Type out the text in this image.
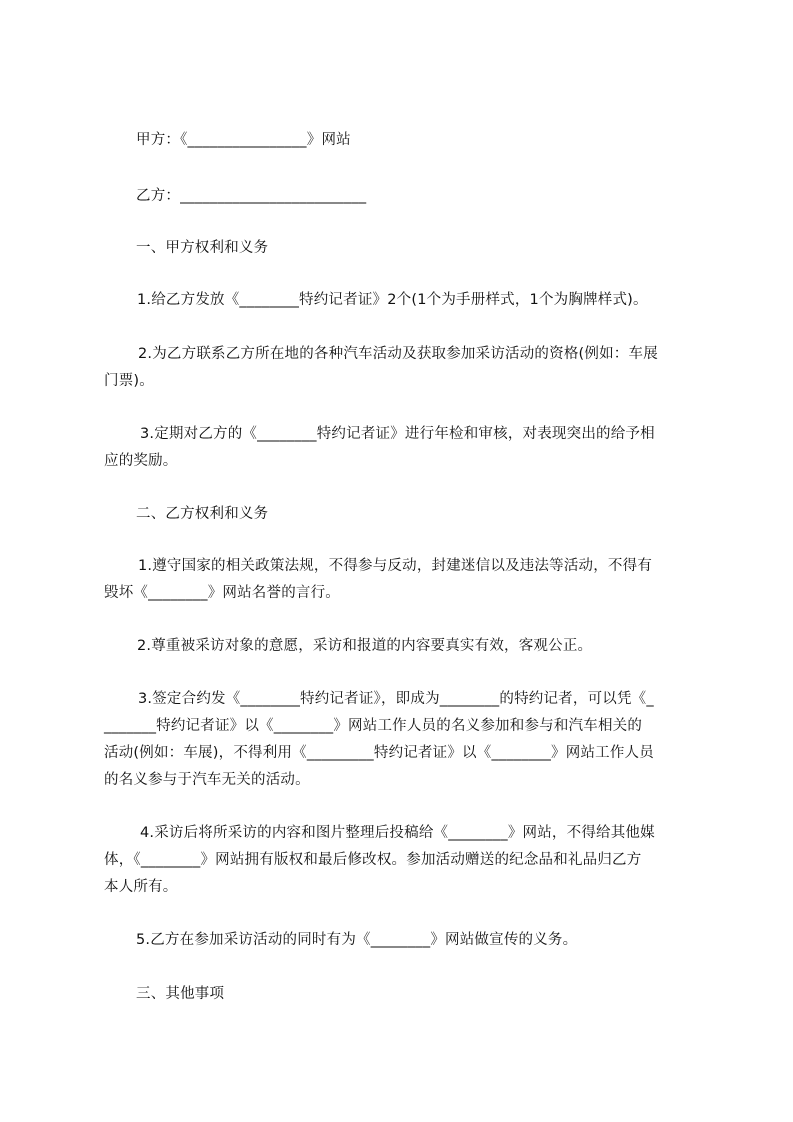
甲方：《________________》网站
乙方：_________________________
一、甲方权利和义务
1.给乙方发放《________特约记者证》2个(1个为手册样式，1个为胸牌样式)。
2.为乙方联系乙方所在地的各种汽车活动及获取参加采访活动的资格(例如：车展
门票)。
3.定期对乙方的《________特约记者证》进行年检和审核，对表现突出的给予相
应的奖励。
二、乙方权利和义务
1.遵守国家的相关政策法规，不得参与反动，封建迷信以及违法等活动，不得有
毁坏《________》网站名誉的言行。
2.尊重被采访对象的意愿，采访和报道的内容要真实有效，客观公正。
3.签定合约发《________特约记者证》，即成为________的特约记者，可以凭《_
_______特约记者证》以《________》网站工作人员的名义参加和参与和汽车相关的
活动(例如：车展)，不得利用《_________特约记者证》以《________》网站工作人员
的名义参与于汽车无关的活动。
4.采访后将所采访的内容和图片整理后投稿给《________》网站，不得给其他媒
体，《________》网站拥有版权和最后修改权。参加活动赠送的纪念品和礼品归乙方
本人所有。
5.乙方在参加采访活动的同时有为《________》网站做宣传的义务。
三、其他事项
